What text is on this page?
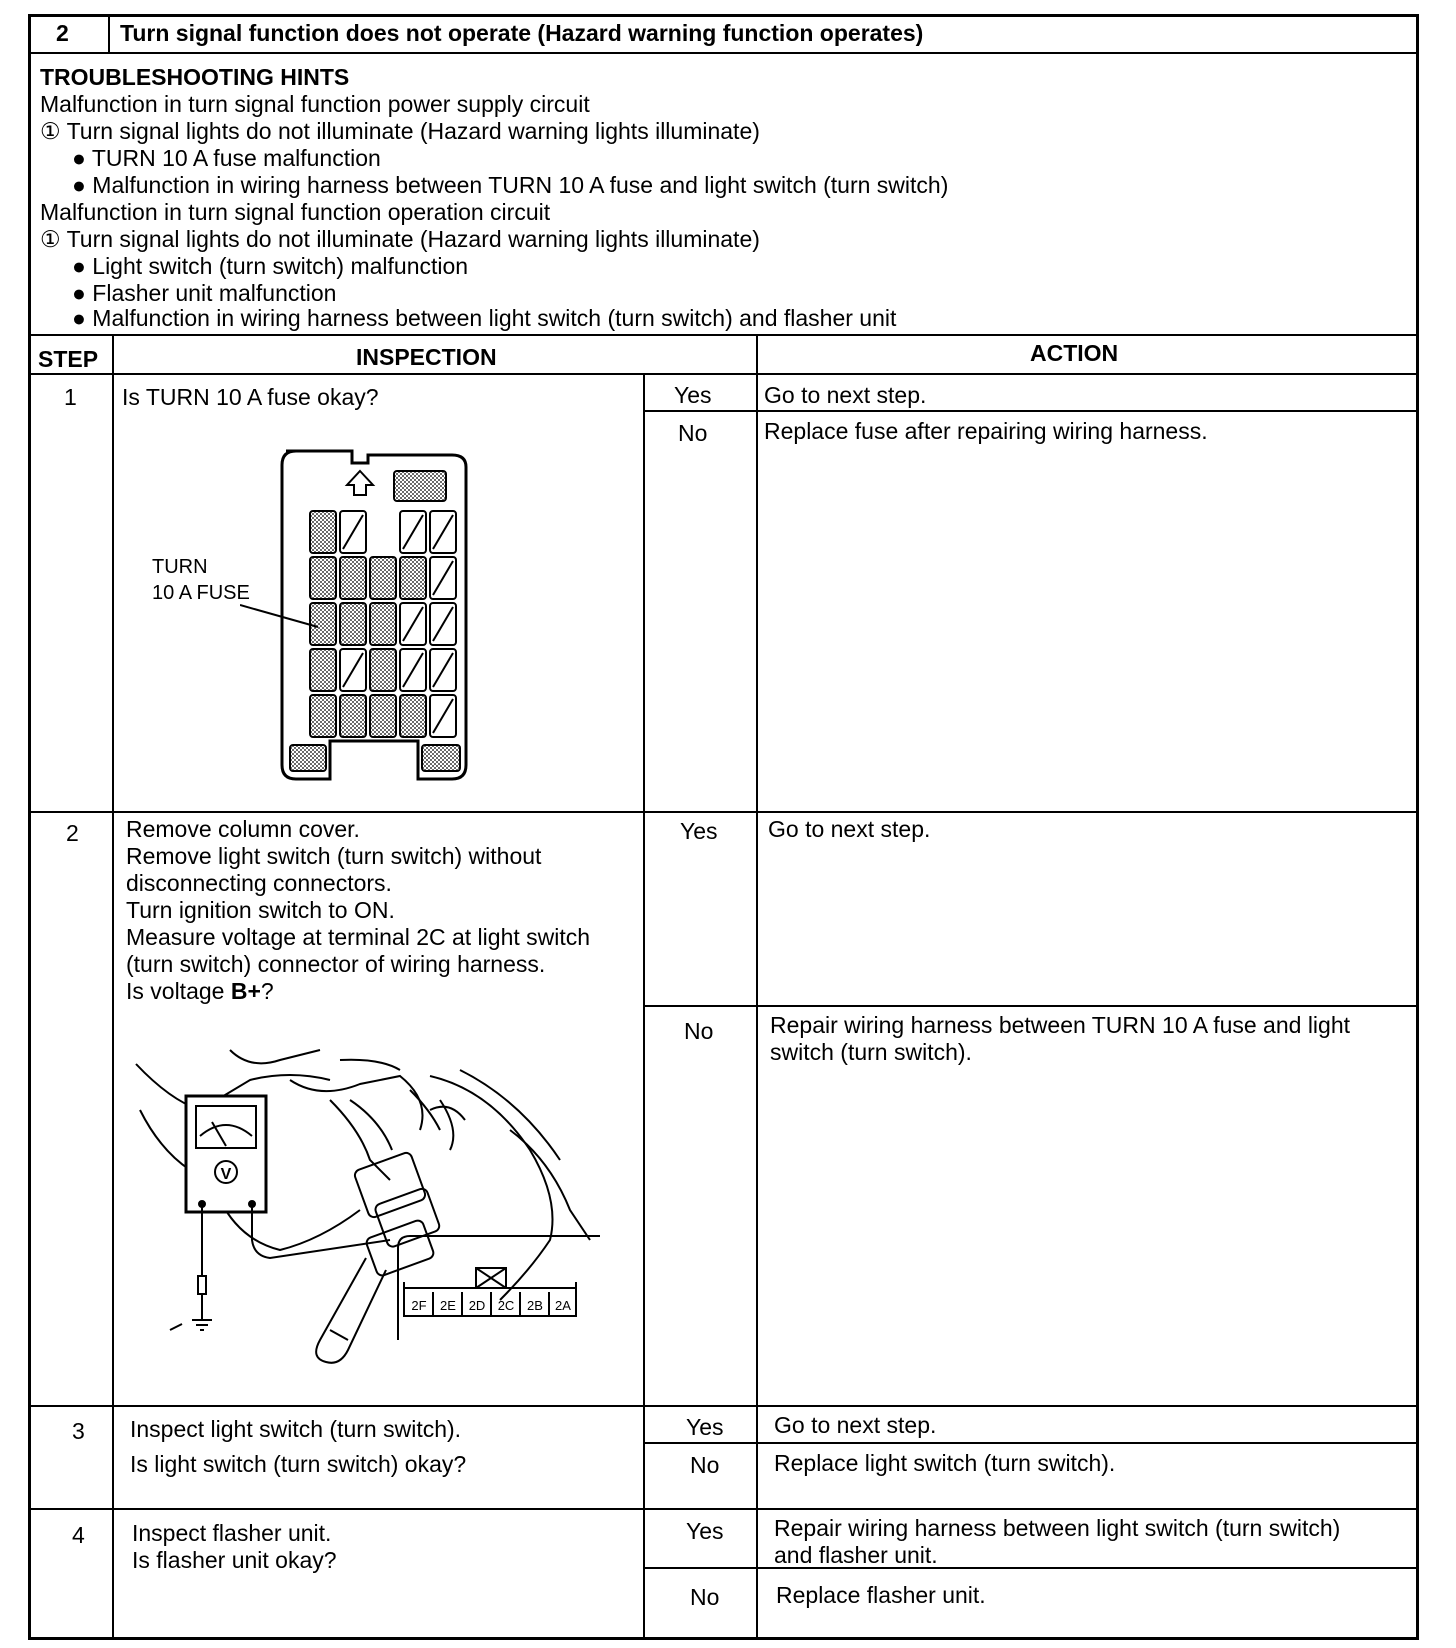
2 Turn signal function does not operate (Hazard warning function operates)
TROUBLESHOOTING HINTS
Malfunction in turn signal function power supply circuit
① Turn signal lights do not illuminate (Hazard warning lights illuminate)
● TURN 10 A fuse malfunction
● Malfunction in wiring harness between TURN 10 A fuse and light switch (turn switch)
Malfunction in turn signal function operation circuit
① Turn signal lights do not illuminate (Hazard warning lights illuminate)
● Light switch (turn switch) malfunction
● Flasher unit malfunction
● Malfunction in wiring harness between light switch (turn switch) and flasher unit
STEP	INSPECTION	ACTION
1 Is TURN 10 A fuse okay?	Yes Go to next step.
No Replace fuse after repairing wiring harness.
TURN
10 A FUSE
2 Remove column cover.
Remove light switch (turn switch) without
disconnecting connectors.
Turn ignition switch to ON.
Measure voltage at terminal 2C at light switch
(turn switch) connector of wiring harness.
Is voltage B+?
Yes Go to next step.
No Repair wiring harness between TURN 10 A fuse and light
switch (turn switch).
V
2F 2E 2D 2C 2B 2A
3 Inspect light switch (turn switch).
Is light switch (turn switch) okay?
Yes Go to next step.
No Replace light switch (turn switch).
4 Inspect flasher unit.
Is flasher unit okay?
Yes Repair wiring harness between light switch (turn switch)
and flasher unit.
No Replace flasher unit.
